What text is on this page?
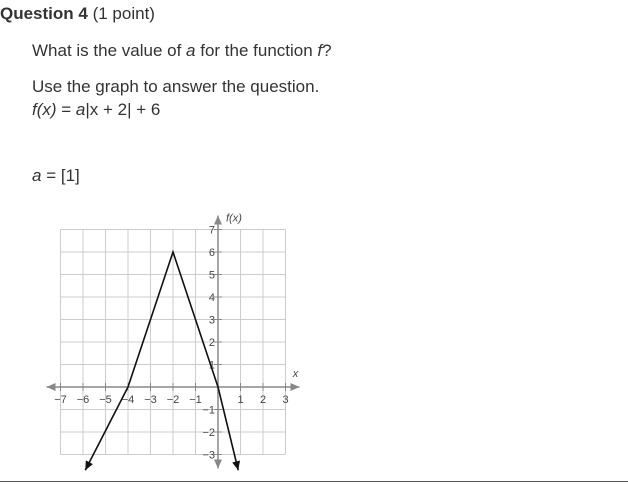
Question 4 (1 point)
What is the value of a for the function f?
Use the graph to answer the question.
f(x) = a|x + 2| + 6
a = [1]
−7 −6 −5 −4 −3 −2 −1	1 2 3
7
6
5
4
3
2
1
−1
−2
−3
x
f(x)
